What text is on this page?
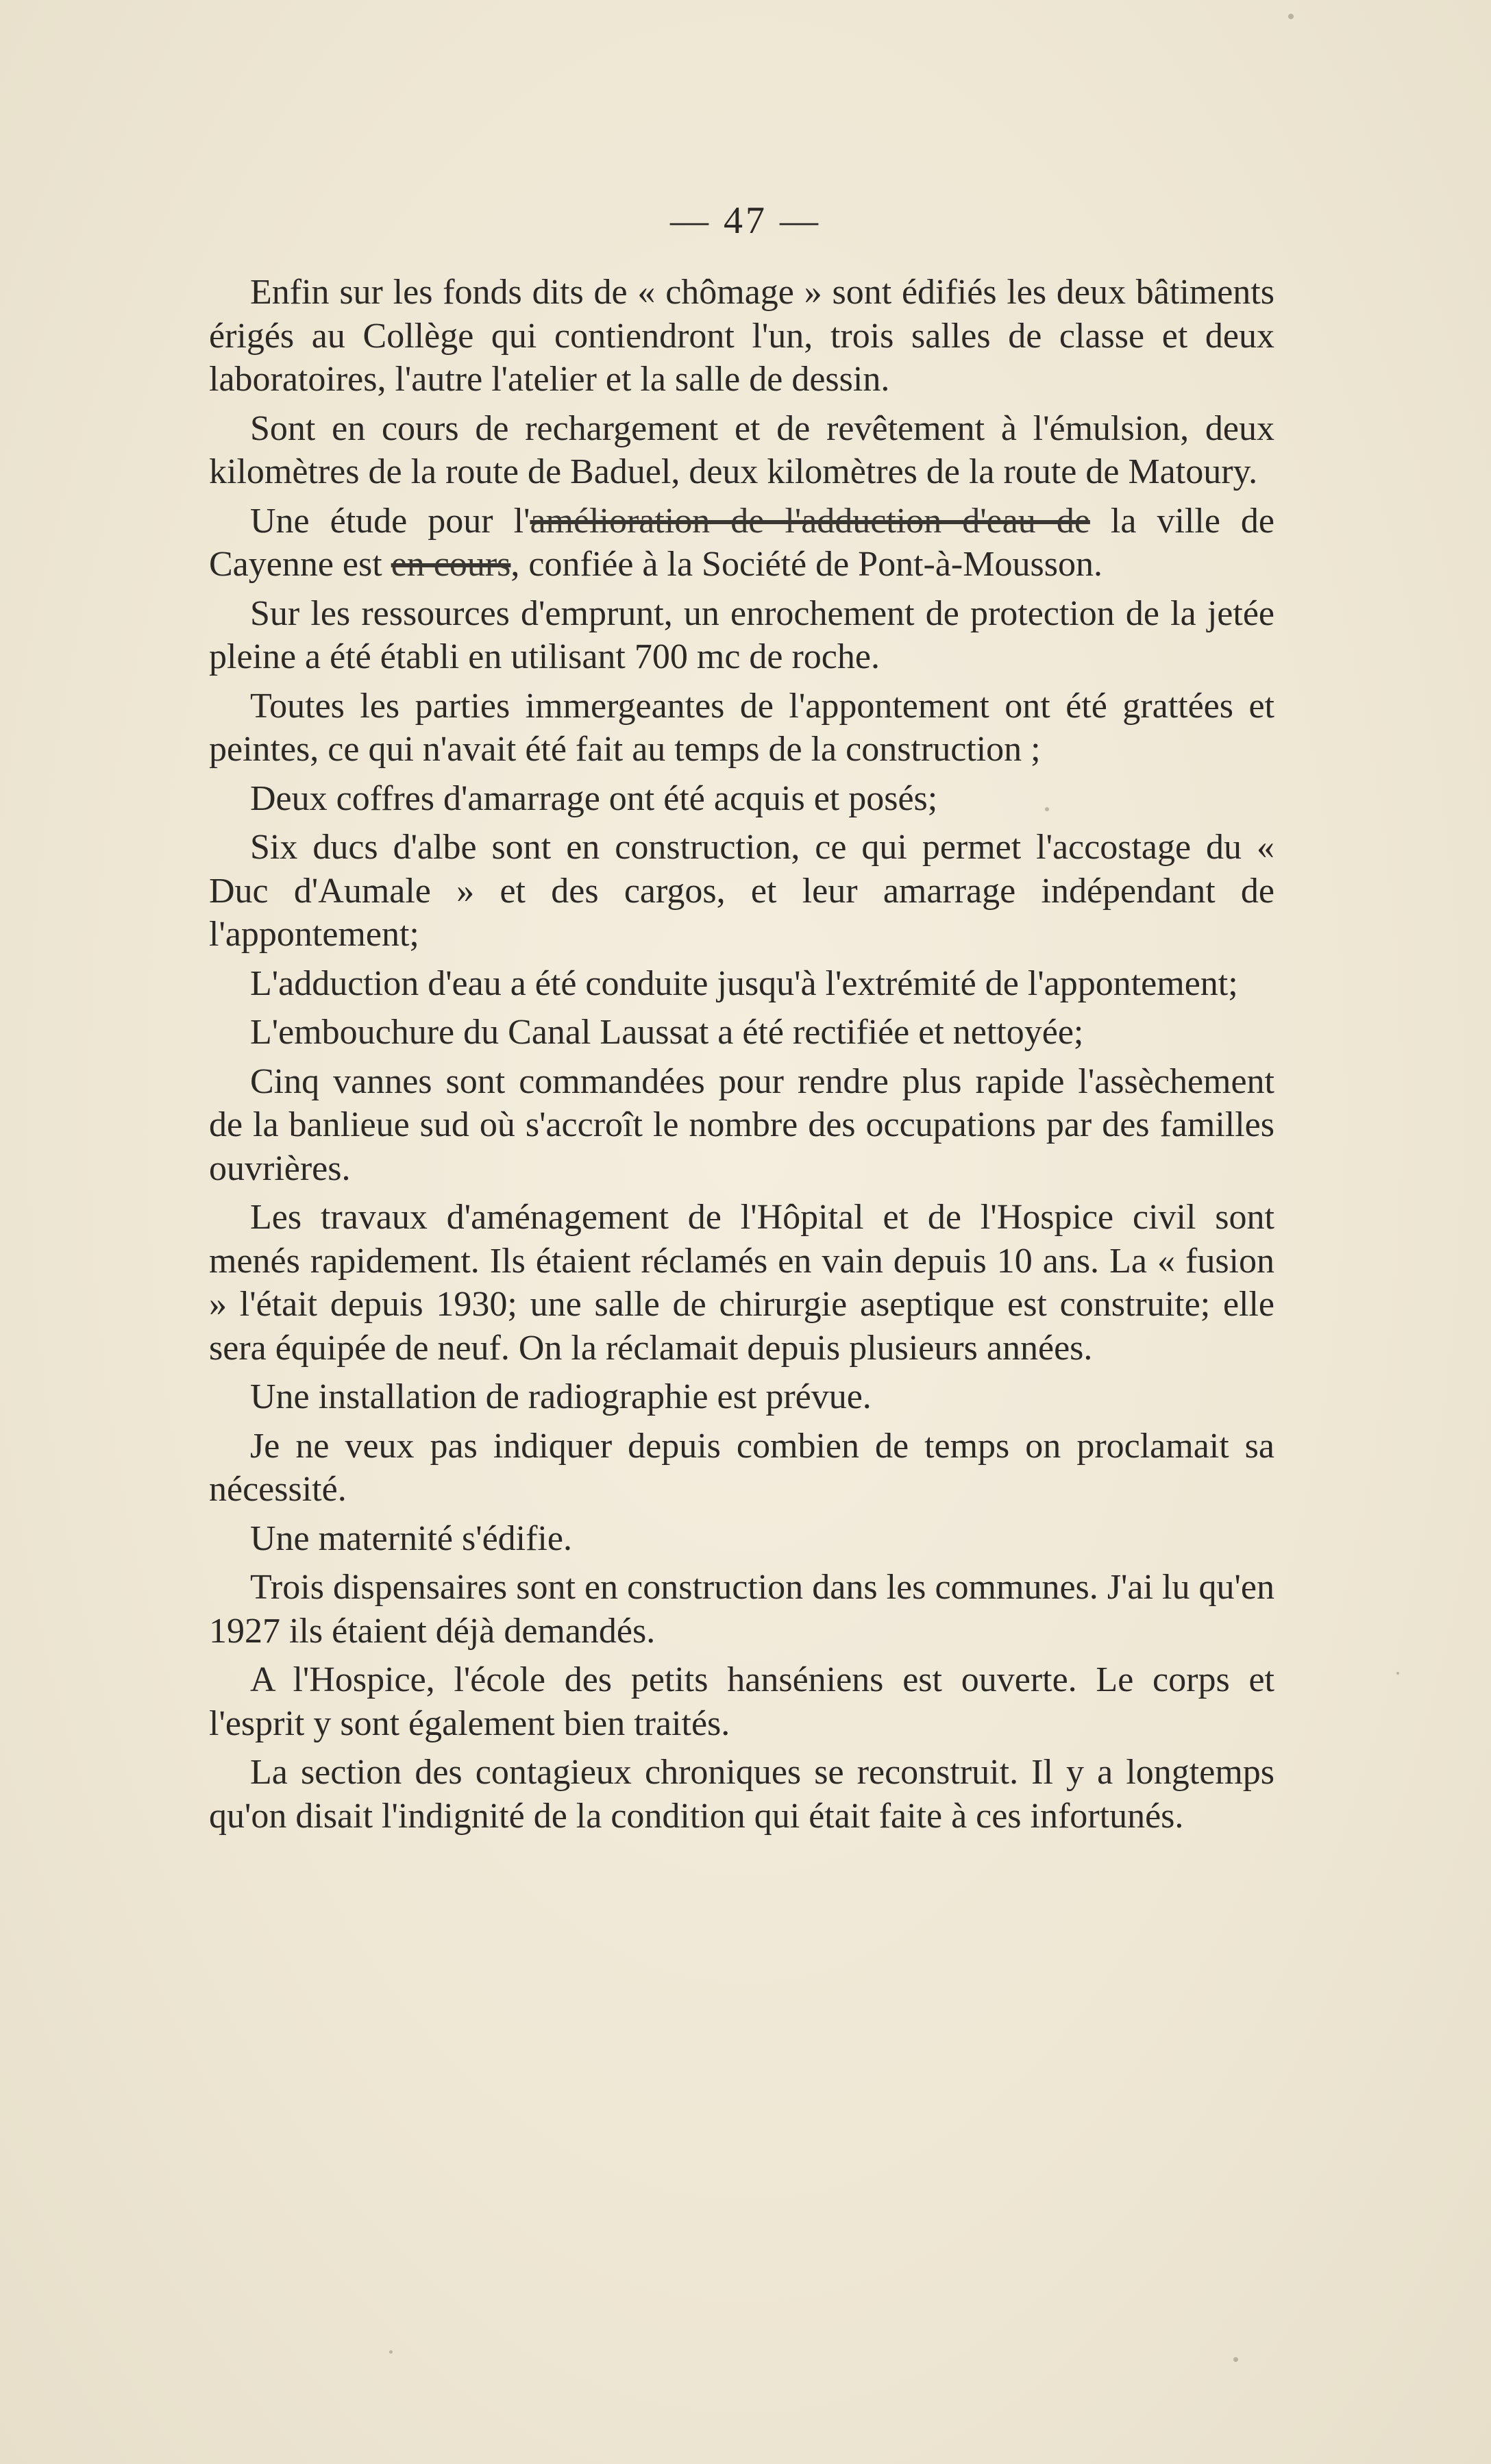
— 47 —

Enfin sur les fonds dits de « chômage » sont édifiés les deux bâtiments érigés au Collège qui contiendront l'un, trois salles de classe et deux laboratoires, l'autre l'atelier et la salle de dessin.

Sont en cours de rechargement et de revêtement à l'émulsion, deux kilomètres de la route de Baduel, deux kilomètres de la route de Matoury.

Une étude pour l'amélioration de l'adduction d'eau de la ville de Cayenne est en cours, confiée à la Société de Pont-à-Mousson.

Sur les ressources d'emprunt, un enrochement de protection de la jetée pleine a été établi en utilisant 700 mc de roche.

Toutes les parties immergeantes de l'appontement ont été grattées et peintes, ce qui n'avait été fait au temps de la construction ;

Deux coffres d'amarrage ont été acquis et posés;

Six ducs d'albe sont en construction, ce qui permet l'accostage du « Duc d'Aumale » et des cargos, et leur amarrage indépendant de l'appontement;

L'adduction d'eau a été conduite jusqu'à l'extrémité de l'appontement;

L'embouchure du Canal Laussat a été rectifiée et nettoyée;

Cinq vannes sont commandées pour rendre plus rapide l'assèchement de la banlieue sud où s'accroît le nombre des occupations par des familles ouvrières.

Les travaux d'aménagement de l'Hôpital et de l'Hospice civil sont menés rapidement. Ils étaient réclamés en vain depuis 10 ans. La « fusion » l'était depuis 1930; une salle de chirurgie aseptique est construite; elle sera équipée de neuf. On la réclamait depuis plusieurs années.

Une installation de radiographie est prévue.

Je ne veux pas indiquer depuis combien de temps on proclamait sa nécessité.

Une maternité s'édifie.

Trois dispensaires sont en construction dans les communes. J'ai lu qu'en 1927 ils étaient déjà demandés.

A l'Hospice, l'école des petits hanséniens est ouverte. Le corps et l'esprit y sont également bien traités.

La section des contagieux chroniques se reconstruit. Il y a longtemps qu'on disait l'indignité de la condition qui était faite à ces infortunés.
